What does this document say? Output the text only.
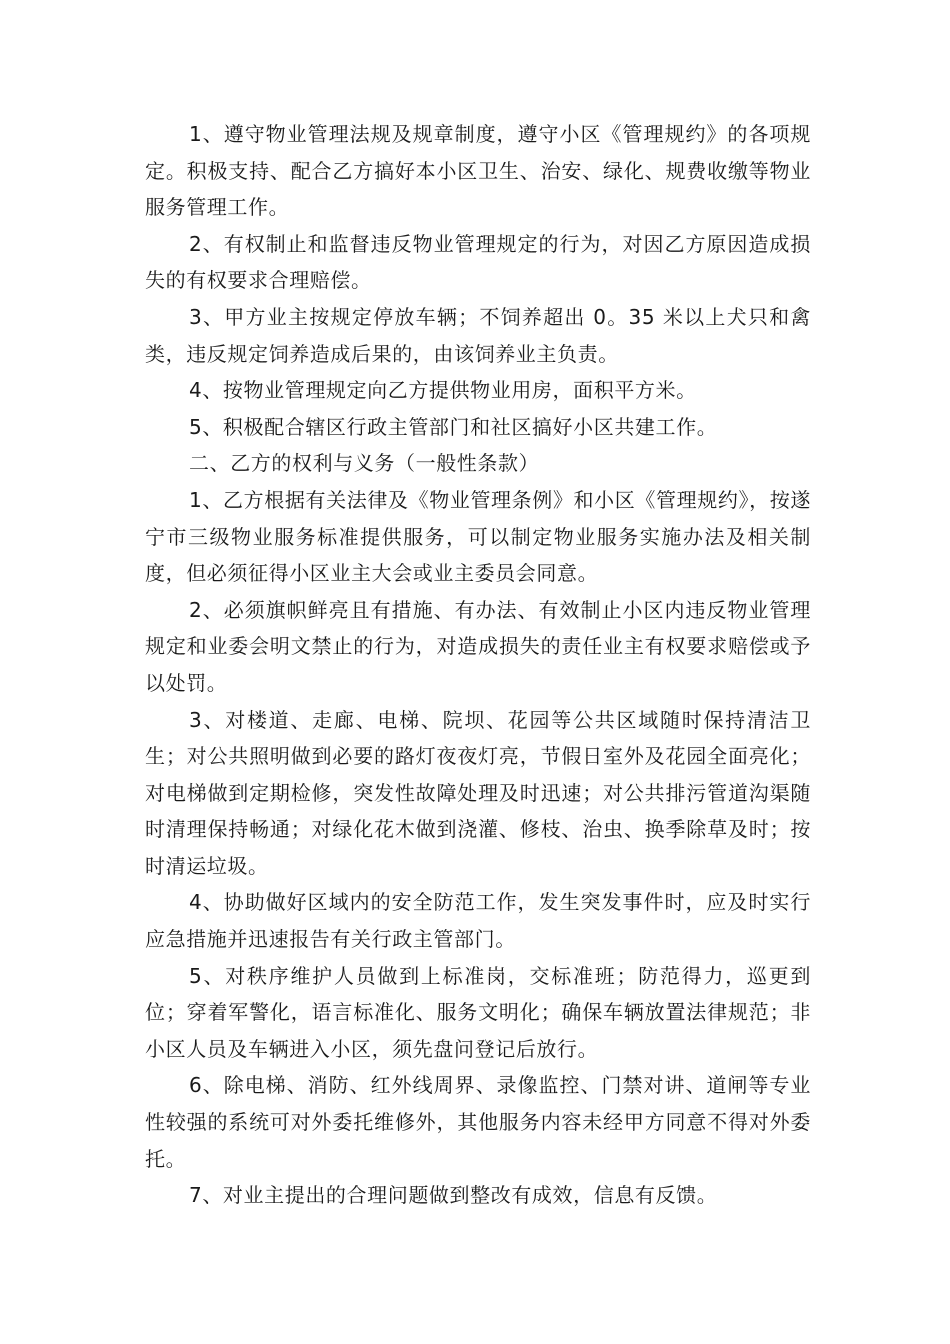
1、遵守物业管理法规及规章制度，遵守小区《管理规约》的各项规定。积极支持、配合乙方搞好本小区卫生、治安、绿化、规费收缴等物业服务管理工作。

2、有权制止和监督违反物业管理规定的行为，对因乙方原因造成损失的有权要求合理赔偿。

3、甲方业主按规定停放车辆；不饲养超出 0。35 米以上犬只和禽类，违反规定饲养造成后果的，由该饲养业主负责。

4、按物业管理规定向乙方提供物业用房，面积平方米。

5、积极配合辖区行政主管部门和社区搞好小区共建工作。

二、乙方的权利与义务（一般性条款）

1、乙方根据有关法律及《物业管理条例》和小区《管理规约》，按遂宁市三级物业服务标准提供服务，可以制定物业服务实施办法及相关制度，但必须征得小区业主大会或业主委员会同意。

2、必须旗帜鲜亮且有措施、有办法、有效制止小区内违反物业管理规定和业委会明文禁止的行为，对造成损失的责任业主有权要求赔偿或予以处罚。

3、对楼道、走廊、电梯、院坝、花园等公共区域随时保持清洁卫生；对公共照明做到必要的路灯夜夜灯亮，节假日室外及花园全面亮化；对电梯做到定期检修，突发性故障处理及时迅速；对公共排污管道沟渠随时清理保持畅通；对绿化花木做到浇灌、修枝、治虫、换季除草及时；按时清运垃圾。

4、协助做好区域内的安全防范工作，发生突发事件时，应及时实行应急措施并迅速报告有关行政主管部门。

5、对秩序维护人员做到上标准岗，交标准班；防范得力，巡更到位；穿着军警化，语言标准化、服务文明化；确保车辆放置法律规范；非小区人员及车辆进入小区，须先盘问登记后放行。

6、除电梯、消防、红外线周界、录像监控、门禁对讲、道闸等专业性较强的系统可对外委托维修外，其他服务内容未经甲方同意不得对外委托。

7、对业主提出的合理问题做到整改有成效，信息有反馈。
